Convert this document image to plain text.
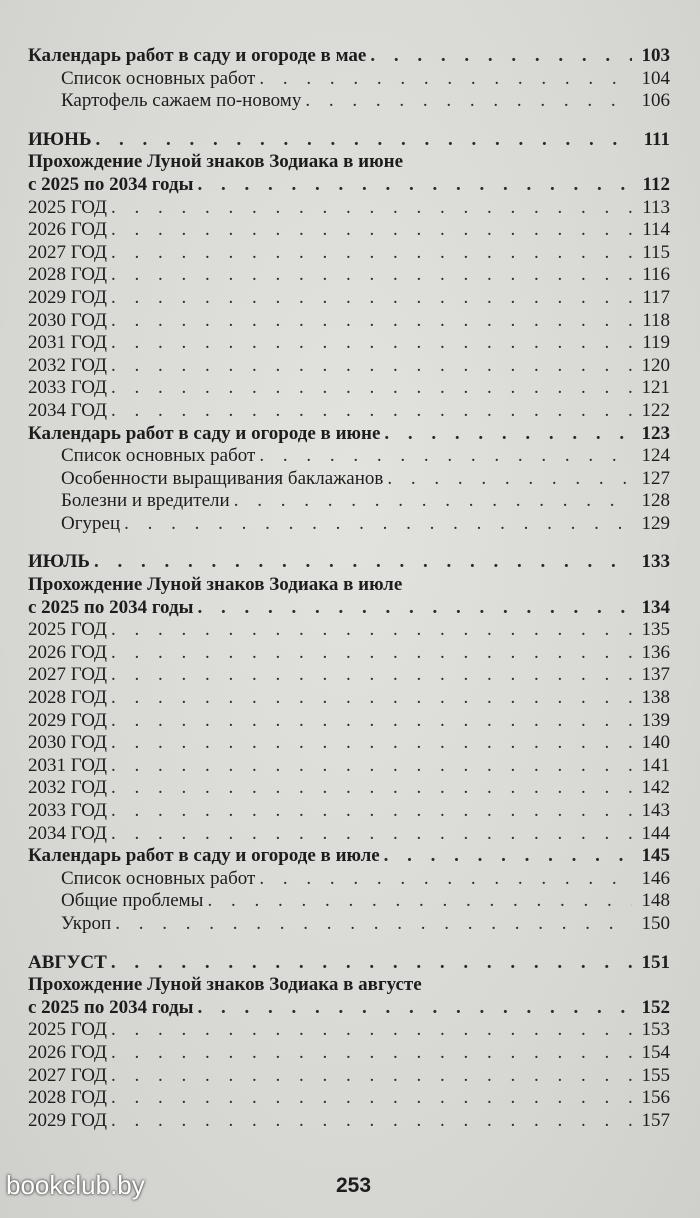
Календарь работ в саду и огороде в мае . . .	103
Список основных работ . . .	104
Картофель сажаем по-новому . . .	106
ИЮНЬ . . .	111
Прохождение Луной знаков Зодиака в июне
с 2025 по 2034 годы . . .	112
2025 ГОД . . .	113
2026 ГОД . . .	114
2027 ГОД . . .	115
2028 ГОД . . .	116
2029 ГОД . . .	117
2030 ГОД . . .	118
2031 ГОД . . .	119
2032 ГОД . . .	120
2033 ГОД . . .	121
2034 ГОД . . .	122
Календарь работ в саду и огороде в июне . . .	123
Список основных работ . . .	124
Особенности выращивания баклажанов . . .	127
Болезни и вредители . . .	128
Огурец . . .	129
ИЮЛЬ . . .	133
Прохождение Луной знаков Зодиака в июле
с 2025 по 2034 годы . . .	134
2025 ГОД . . .	135
2026 ГОД . . .	136
2027 ГОД . . .	137
2028 ГОД . . .	138
2029 ГОД . . .	139
2030 ГОД . . .	140
2031 ГОД . . .	141
2032 ГОД . . .	142
2033 ГОД . . .	143
2034 ГОД . . .	144
Календарь работ в саду и огороде в июле . . .	145
Список основных работ . . .	146
Общие проблемы . . .	148
Укроп . . .	150
АВГУСТ . . .	151
Прохождение Луной знаков Зодиака в августе
с 2025 по 2034 годы . . .	152
2025 ГОД . . .	153
2026 ГОД . . .	154
2027 ГОД . . .	155
2028 ГОД . . .	156
2029 ГОД . . .	157
253
bookclub.by
